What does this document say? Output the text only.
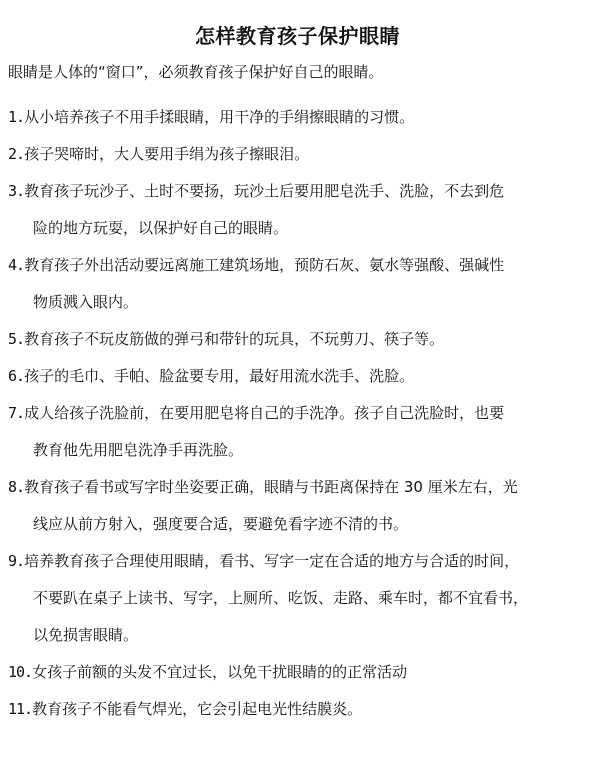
怎样教育孩子保护眼睛

眼睛是人体的“窗口”，必须教育孩子保护好自己的眼睛。

1.从小培养孩子不用手揉眼睛，用干净的手绢擦眼睛的习惯。
2.孩子哭啼时，大人要用手绢为孩子擦眼泪。
3.教育孩子玩沙子、土时不要扬，玩沙土后要用肥皂洗手、洗脸，不去到危
险的地方玩耍，以保护好自己的眼睛。
4.教育孩子外出活动要远离施工建筑场地，预防石灰、氨水等强酸、强碱性
物质溅入眼内。
5.教育孩子不玩皮筋做的弹弓和带针的玩具，不玩剪刀、筷子等。
6.孩子的毛巾、手帕、脸盆要专用，最好用流水洗手、洗脸。
7.成人给孩子洗脸前，在要用肥皂将自己的手洗净。孩子自己洗脸时，也要
教育他先用肥皂洗净手再洗脸。
8.教育孩子看书或写字时坐姿要正确，眼睛与书距离保持在 30 厘米左右，光
线应从前方射入，强度要合适，要避免看字迹不清的书。
9.培养教育孩子合理使用眼睛，看书、写字一定在合适的地方与合适的时间，
不要趴在桌子上读书、写字，上厕所、吃饭、走路、乘车时，都不宜看书，
以免损害眼睛。
10.女孩子前额的头发不宜过长，以免干扰眼睛的的正常活动
11.教育孩子不能看气焊光，它会引起电光性结膜炎。
